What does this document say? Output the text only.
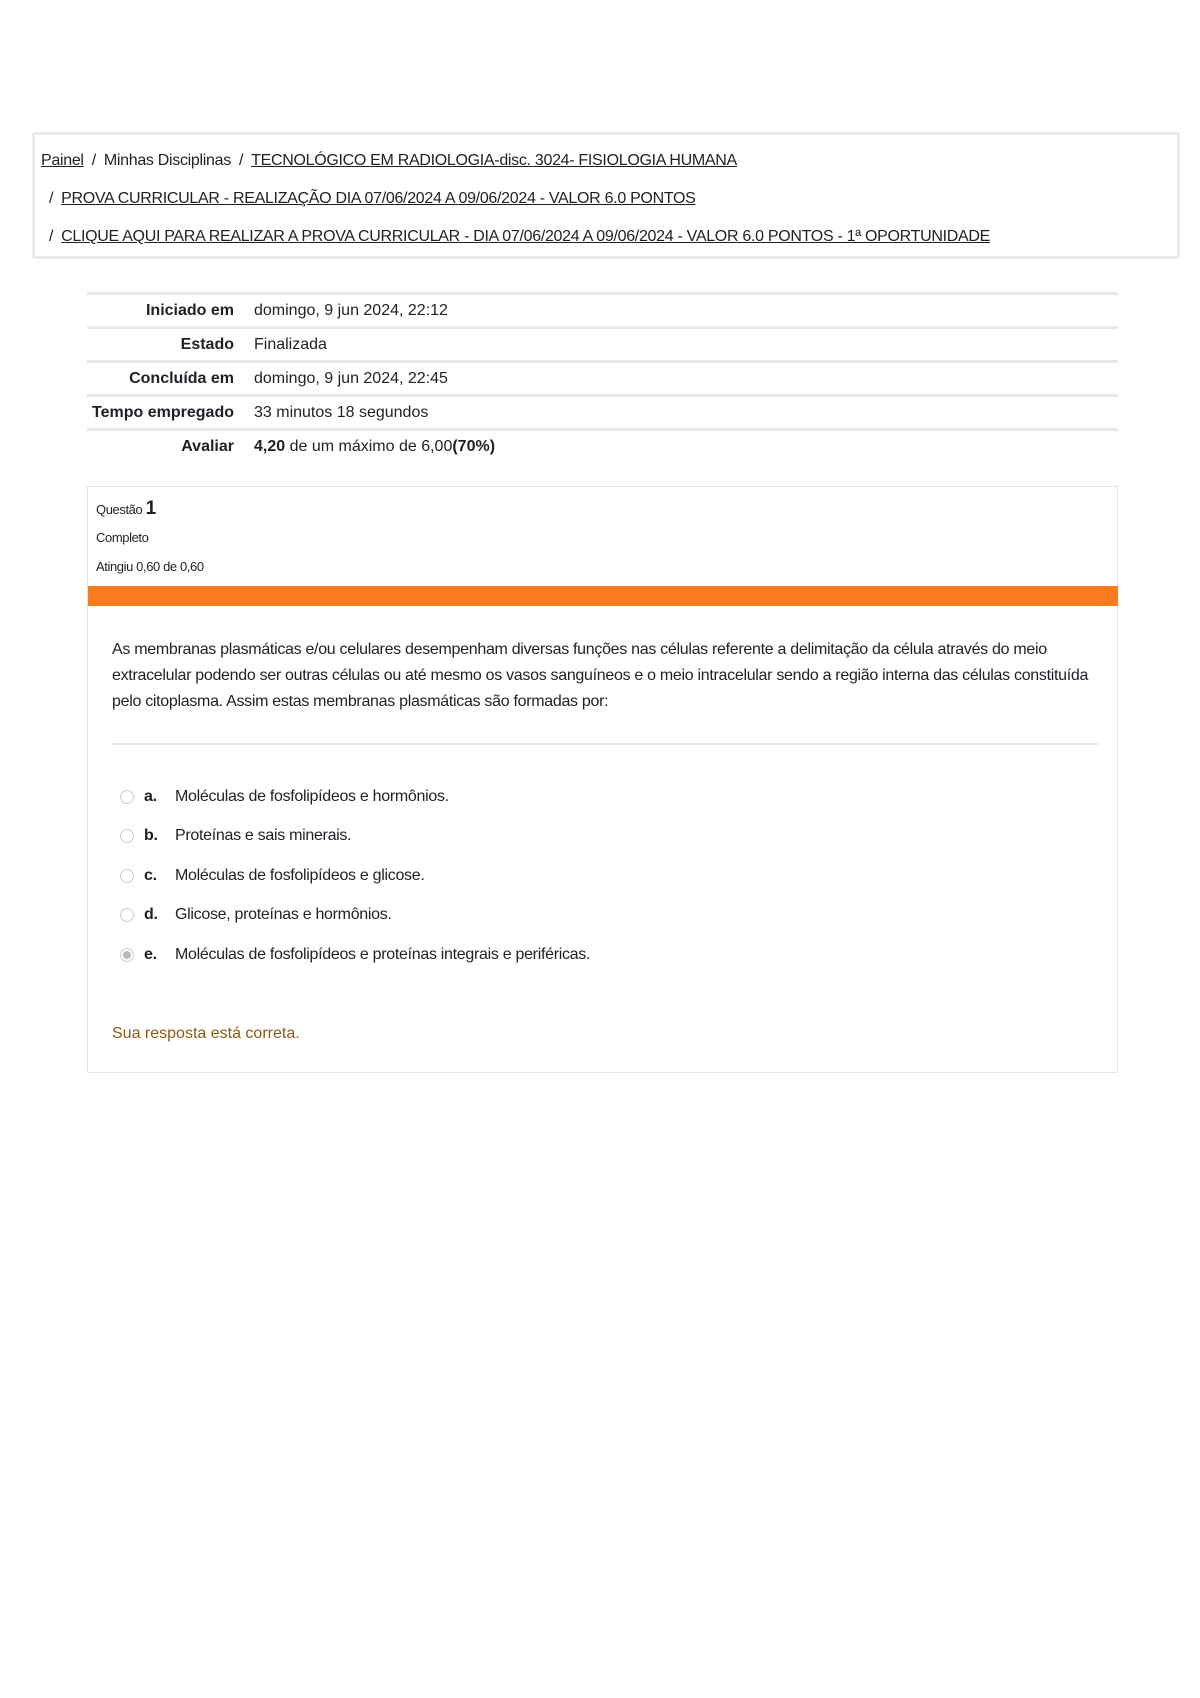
Painel / Minhas Disciplinas / TECNOLÓGICO EM RADIOLOGIA-disc. 3024- FISIOLOGIA HUMANA
/ PROVA CURRICULAR - REALIZAÇÃO DIA 07/06/2024 A 09/06/2024 - VALOR 6.0 PONTOS
/ CLIQUE AQUI PARA REALIZAR A PROVA CURRICULAR - DIA 07/06/2024 A 09/06/2024 - VALOR 6.0 PONTOS - 1ª OPORTUNIDADE
Iniciado em	domingo, 9 jun 2024, 22:12
Estado	Finalizada
Concluída em	domingo, 9 jun 2024, 22:45
Tempo empregado	33 minutos 18 segundos
Avaliar	4,20 de um máximo de 6,00(70%)
Questão 1
Completo
Atingiu 0,60 de 0,60
As membranas plasmáticas e/ou celulares desempenham diversas funções nas células referente a delimitação da célula através do meio extracelular podendo ser outras células ou até mesmo os vasos sanguíneos e o meio intracelular sendo a região interna das células constituída pelo citoplasma. Assim estas membranas plasmáticas são formadas por:
a.	Moléculas de fosfolipídeos e hormônios.
b.	Proteínas e sais minerais.
c.	Moléculas de fosfolipídeos e glicose.
d.	Glicose, proteínas e hormônios.
e.	Moléculas de fosfolipídeos e proteínas integrais e periféricas.
Sua resposta está correta.
